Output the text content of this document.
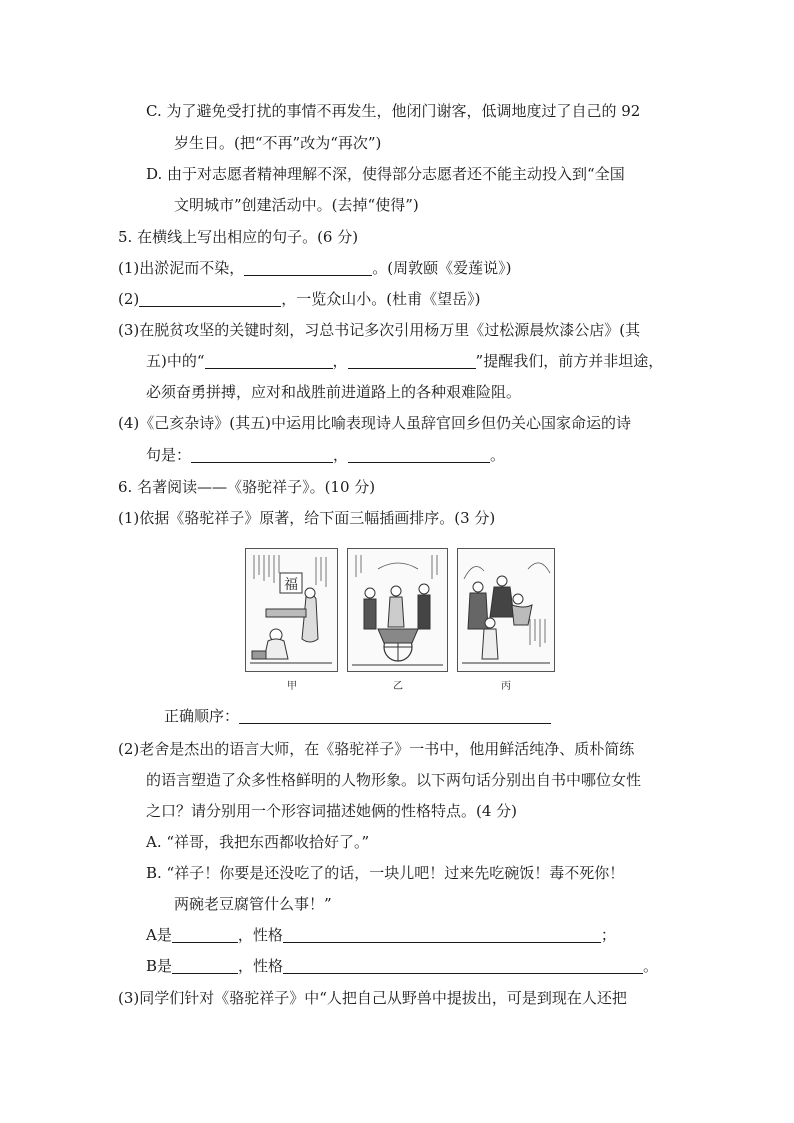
C. 为了避免受打扰的事情不再发生，他闭门谢客，低调地度过了自己的 92
岁生日。(把“不再”改为“再次”)
D. 由于对志愿者精神理解不深，使得部分志愿者还不能主动投入到“全国
文明城市”创建活动中。(去掉“使得”)
5. 在横线上写出相应的句子。(6 分)
(1)出淤泥而不染，	。(周敦颐《爱莲说》)
(2)	，一览众山小。(杜甫《望岳》)
(3)在脱贫攻坚的关键时刻，习总书记多次引用杨万里《过松源晨炊漆公店》(其
五)中的“	，	”提醒我们，前方并非坦途，
必须奋勇拼搏，应对和战胜前进道路上的各种艰难险阻。
(4)《己亥杂诗》(其五)中运用比喻表现诗人虽辞官回乡但仍关心国家命运的诗
句是：	，	。
6. 名著阅读——《骆驼祥子》。(10 分)
(1)依据《骆驼祥子》原著，给下面三幅插画排序。(3 分)
福
甲	乙	丙
正确顺序：
(2)老舍是杰出的语言大师，在《骆驼祥子》一书中，他用鲜活纯净、质朴简练
的语言塑造了众多性格鲜明的人物形象。以下两句话分别出自书中哪位女性
之口？请分别用一个形容词描述她俩的性格特点。(4 分)
A. “祥哥，我把东西都收拾好了。”
B. “祥子！你要是还没吃了的话，一块儿吧！过来先吃碗饭！毒不死你！
两碗老豆腐管什么事！”
A是	，性格	；
B是	，性格	。
(3)同学们针对《骆驼祥子》中“人把自己从野兽中提拔出，可是到现在人还把
